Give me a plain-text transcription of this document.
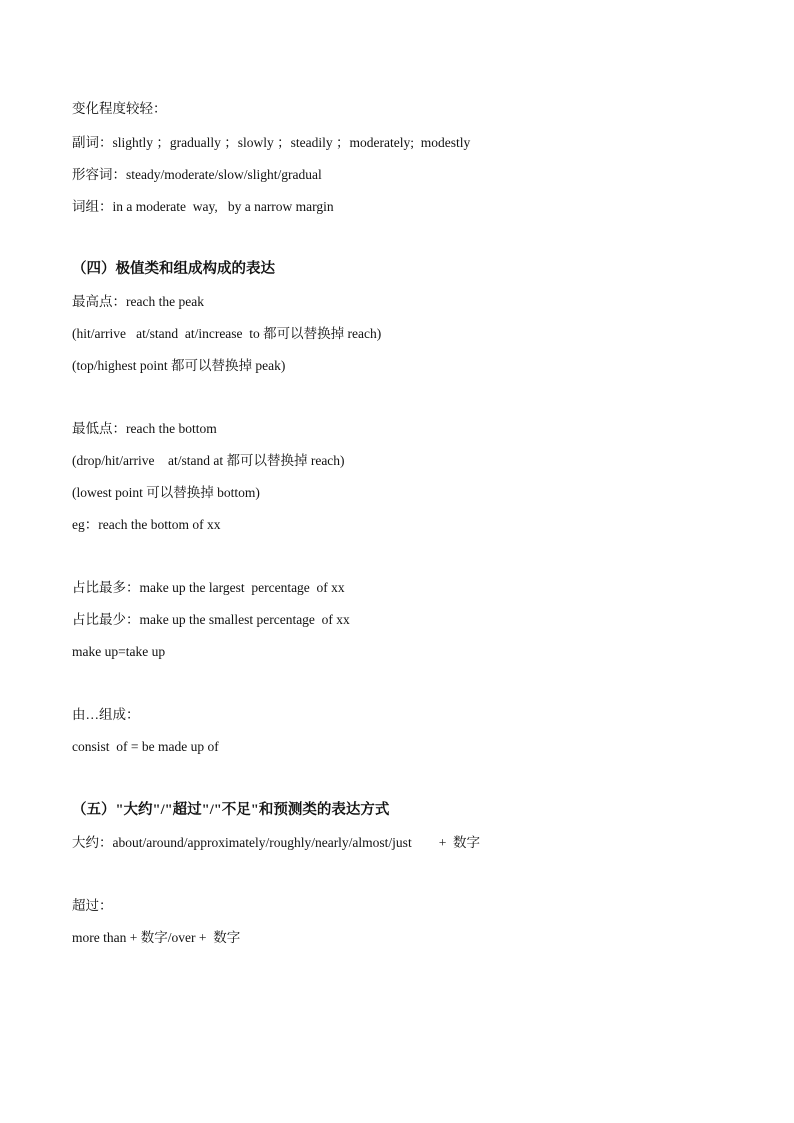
变化程度较轻：
副词：slightly ；gradually ；slowly ；steadily ；moderately;  modestly
形容词：steady/moderate/slow/slight/gradual
词组：in a moderate  way,   by a narrow margin
（四）极值类和组成构成的表达
最高点：reach the peak
(hit/arrive   at/stand  at/increase  to 都可以替换掉 reach)
(top/highest point 都可以替换掉 peak)
最低点：reach the bottom
(drop/hit/arrive    at/stand at 都可以替换掉 reach)
(lowest point 可以替换掉 bottom)
eg：reach the bottom of xx
占比最多：make up the largest  percentage  of xx
占比最少：make up the smallest percentage  of xx
make up=take up
由…组成：
consist  of = be made up of
（五）"大约"/"超过"/"不足"和预测类的表达方式
大约：about/around/approximately/roughly/nearly/almost/just        +  数字
超过：
more than + 数字/over +  数字
